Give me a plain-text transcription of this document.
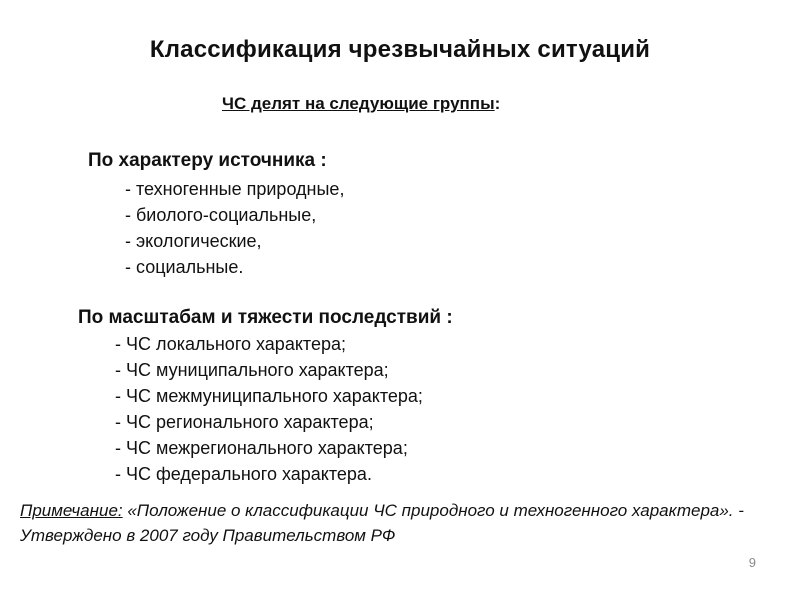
Классификация чрезвычайных ситуаций
ЧС делят на следующие группы:
По характеру источника :
- техногенные природные,
- биолого-социальные,
- экологические,
- социальные.
По масштабам и тяжести последствий :
- ЧС локального характера;
- ЧС муниципального характера;
- ЧС межмуниципального характера;
- ЧС регионального характера;
- ЧС межрегионального характера;
- ЧС федерального характера.
Примечание: «Положение о классификации ЧС природного и техногенного характера». - Утверждено в 2007 году Правительством РФ
9
